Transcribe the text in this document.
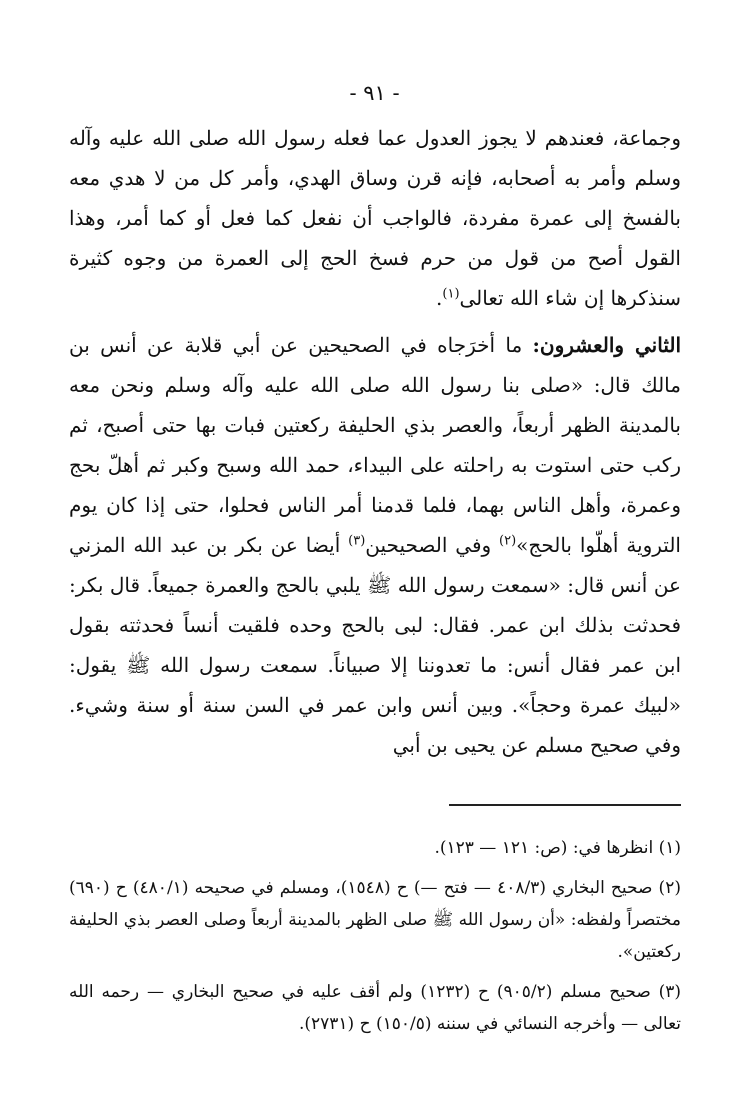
- ٩١ -

وجماعة، فعندهم لا يجوز العدول عما فعله رسول الله صلى الله عليه وآله وسلم وأمر به أصحابه، فإنه قرن وساق الهدي، وأمر كل من لا هدي معه بالفسخ إلى عمرة مفردة، فالواجب أن نفعل كما فعل أو كما أمر، وهذا القول أصح من قول من حرم فسخ الحج إلى العمرة من وجوه كثيرة سنذكرها إن شاء الله تعالى$^{(١)}$.

الثاني والعشرون: ما أخرَجاه في الصحيحين عن أبي قلابة عن أنس بن مالك قال: «صلى بنا رسول الله صلى الله عليه وآله وسلم ونحن معه بالمدينة الظهر أربعاً، والعصر بذي الحليفة ركعتين فبات بها حتى أصبح، ثم ركب حتى استوت به راحلته على البيداء، حمد الله وسبح وكبر ثم أهلّ بحج وعمرة، وأهل الناس بهما، فلما قدمنا أمر الناس فحلوا، حتى إذا كان يوم التروية أهلّوا بالحج»$^{(٢)}$ وفي الصحيحين$^{(٣)}$ أيضا عن بكر بن عبد الله المزني عن أنس قال: «سمعت رسول الله ﷺ يلبي بالحج والعمرة جميعاً. قال بكر: فحدثت بذلك ابن عمر. فقال: لبى بالحج وحده فلقيت أنساً فحدثته بقول ابن عمر فقال أنس: ما تعدوننا إلا صبياناً. سمعت رسول الله ﷺ يقول: «لبيك عمرة وحجاً». وبين أنس وابن عمر في السن سنة أو سنة وشيء. وفي صحيح مسلم عن يحيى بن أبي

(١) انظرها في: (ص: ١٢١ — ١٢٣).

(٢) صحيح البخاري (٤٠٨/٣ — فتح —) ح (١٥٤٨)، ومسلم في صحيحه (٤٨٠/١) ح (٦٩٠) مختصراً ولفظه: «أن رسول الله ﷺ صلى الظهر بالمدينة أربعاً وصلى العصر بذي الحليفة ركعتين».

(٣) صحيح مسلم (٩٠٥/٢) ح (١٢٣٢) ولم أقف عليه في صحيح البخاري — رحمه الله تعالى — وأخرجه النسائي في سننه (١٥٠/٥) ح (٢٧٣١).
